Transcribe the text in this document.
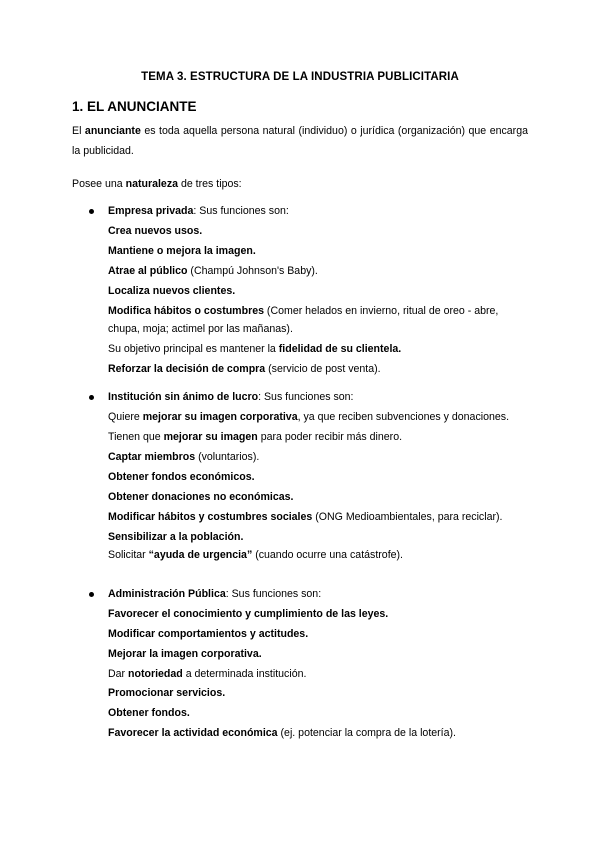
TEMA 3. ESTRUCTURA DE LA INDUSTRIA PUBLICITARIA
1. EL ANUNCIANTE
El anunciante es toda aquella persona natural (individuo) o jurídica (organización) que encarga la publicidad.
Posee una naturaleza de tres tipos:
Empresa privada: Sus funciones son:
Crea nuevos usos.
Mantiene o mejora la imagen.
Atrae al público (Champú Johnson's Baby).
Localiza nuevos clientes.
Modifica hábitos o costumbres (Comer helados en invierno, ritual de oreo - abre,
chupa, moja; actimel por las mañanas).
Su objetivo principal es mantener la fidelidad de su clientela.
Reforzar la decisión de compra (servicio de post venta).
Institución sin ánimo de lucro: Sus funciones son:
Quiere mejorar su imagen corporativa, ya que reciben subvenciones y donaciones.
Tienen que mejorar su imagen para poder recibir más dinero.
Captar miembros (voluntarios).
Obtener fondos económicos.
Obtener donaciones no económicas.
Modificar hábitos y costumbres sociales (ONG Medioambientales, para reciclar).
Sensibilizar a la población.
Solicitar “ayuda de urgencia” (cuando ocurre una catástrofe).
Administración Pública: Sus funciones son:
Favorecer el conocimiento y cumplimiento de las leyes.
Modificar comportamientos y actitudes.
Mejorar la imagen corporativa.
Dar notoriedad a determinada institución.
Promocionar servicios.
Obtener fondos.
Favorecer la actividad económica (ej. potenciar la compra de la lotería).
